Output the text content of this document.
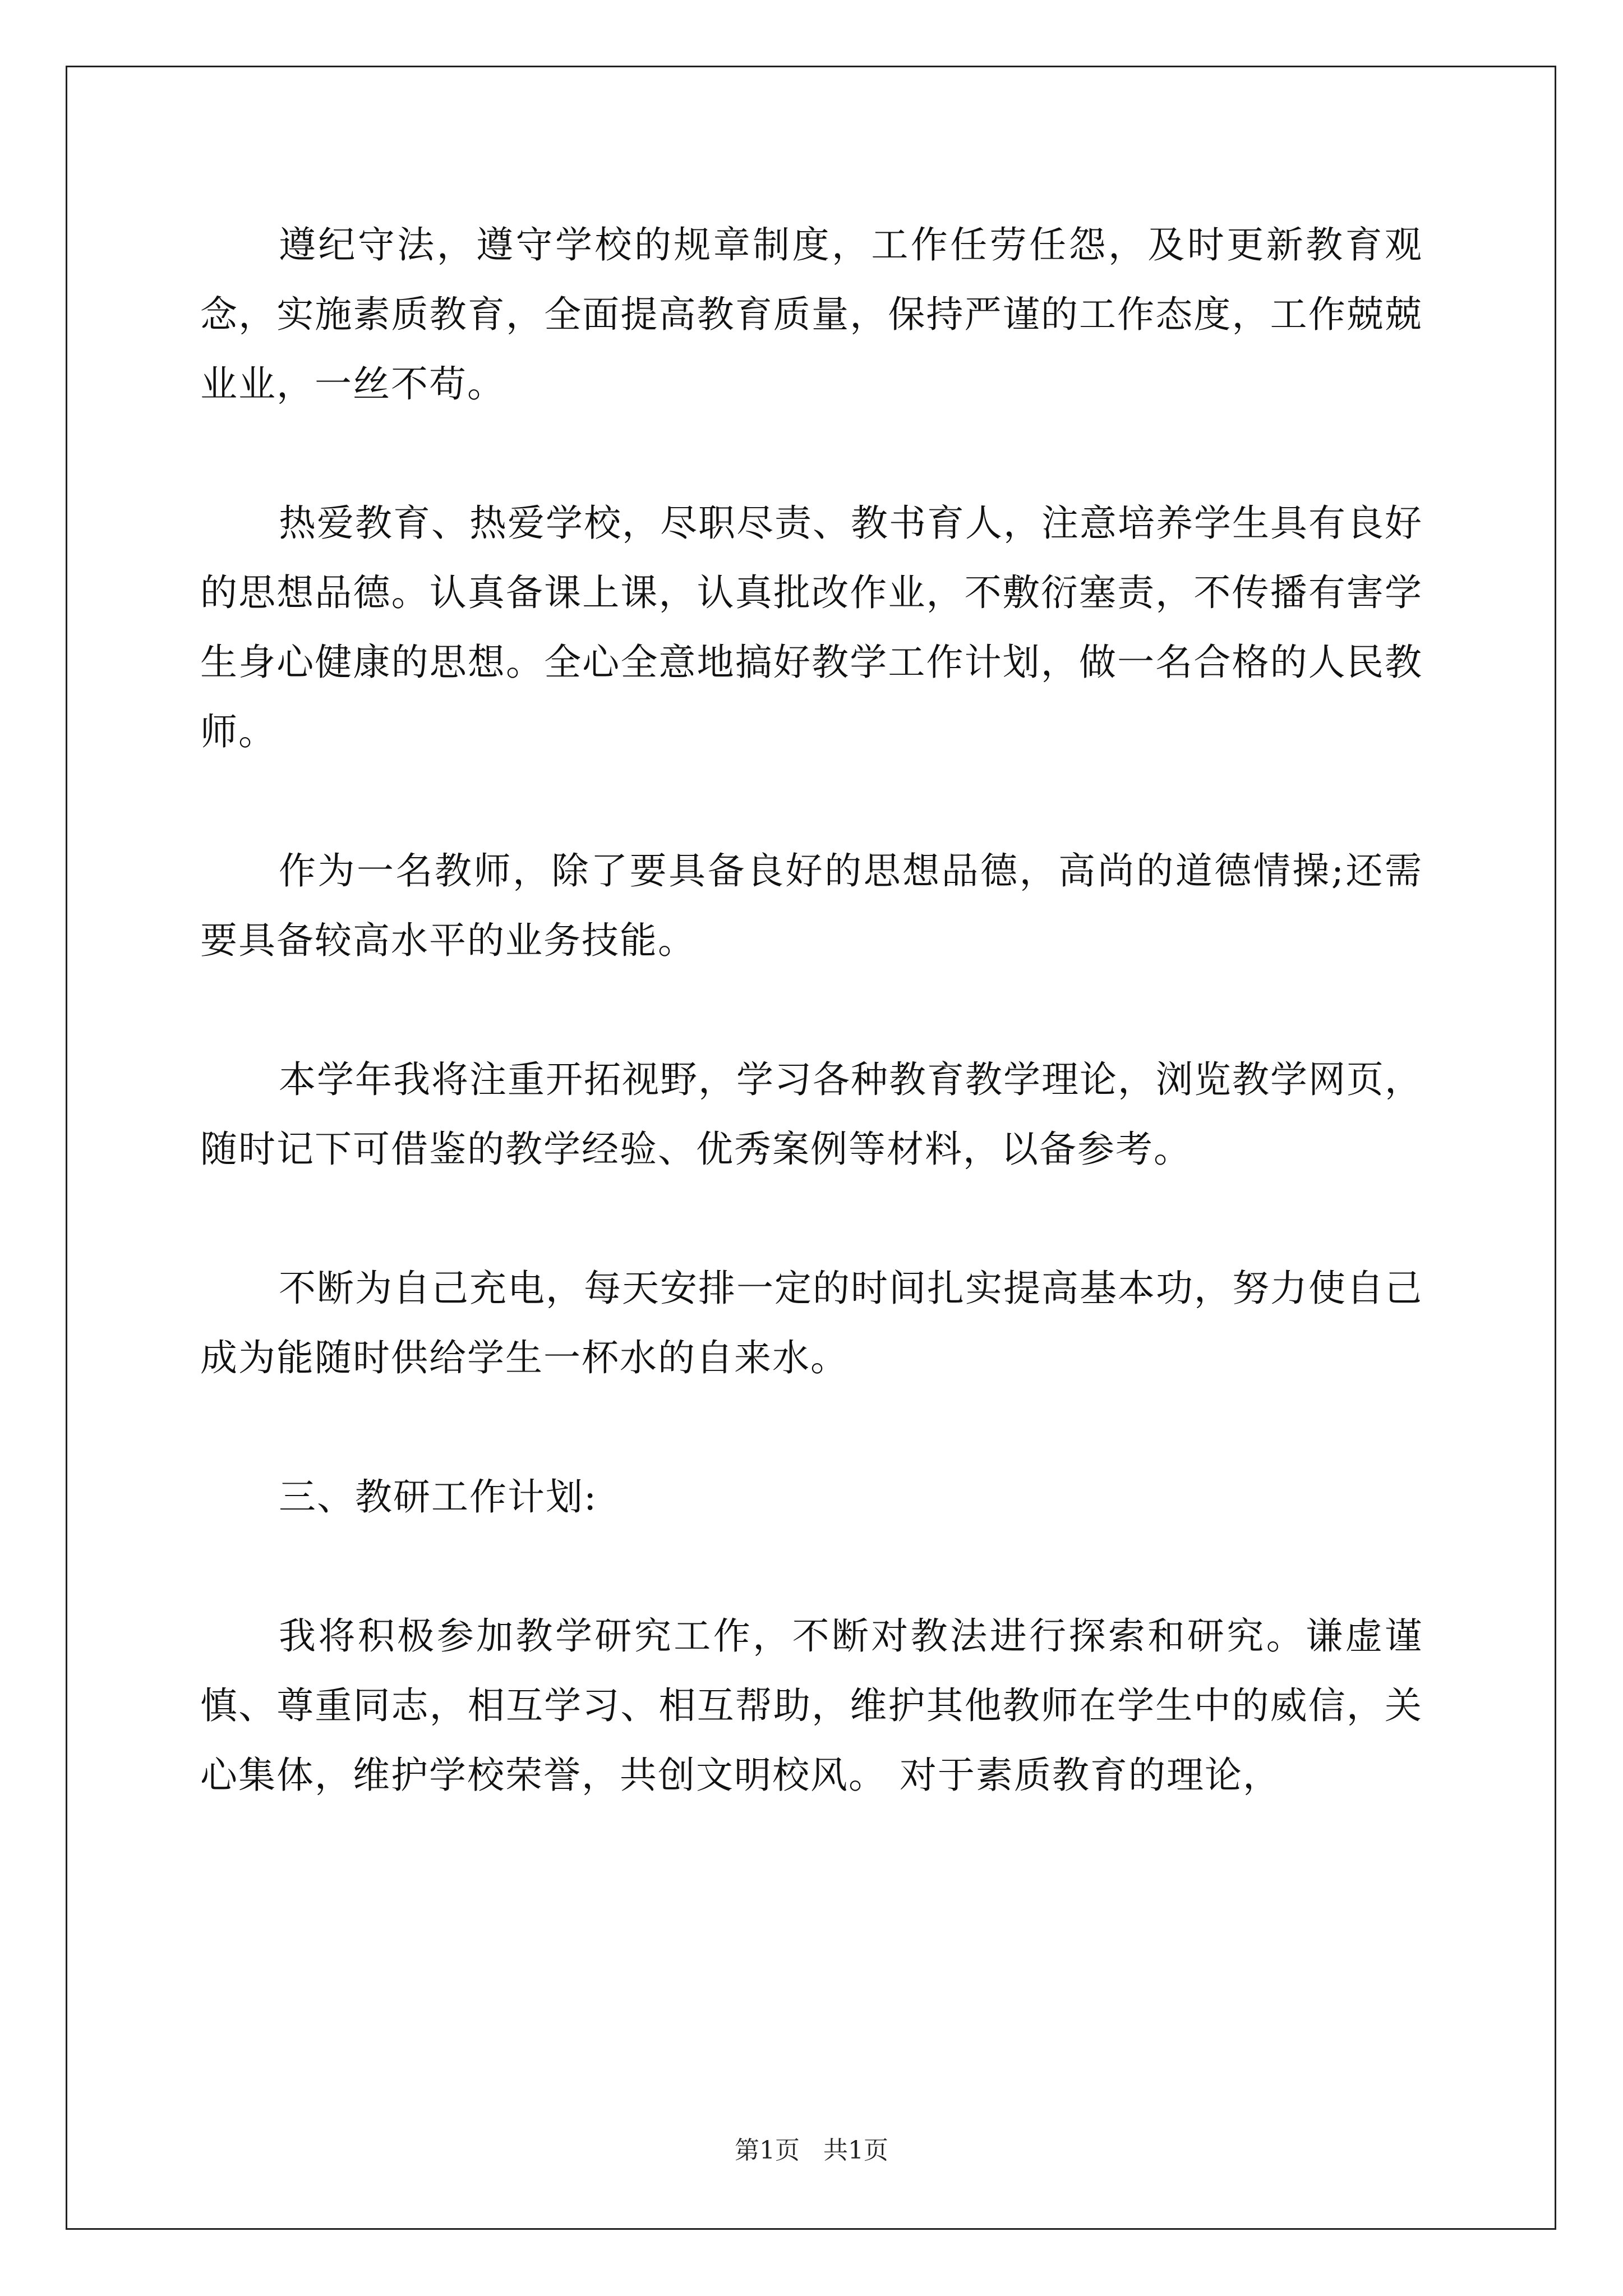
遵纪守法，遵守学校的规章制度，工作任劳任怨，及时更新教育观念，实施素质教育，全面提高教育质量，保持严谨的工作态度，工作兢兢业业，一丝不苟。

热爱教育、热爱学校，尽职尽责、教书育人，注意培养学生具有良好的思想品德。认真备课上课，认真批改作业，不敷衍塞责，不传播有害学生身心健康的思想。全心全意地搞好教学工作计划，做一名合格的人民教师。

作为一名教师，除了要具备良好的思想品德，高尚的道德情操;还需要具备较高水平的业务技能。

本学年我将注重开拓视野，学习各种教育教学理论，浏览教学网页，随时记下可借鉴的教学经验、优秀案例等材料，以备参考。

不断为自己充电，每天安排一定的时间扎实提高基本功，努力使自己成为能随时供给学生一杯水的自来水。

三、教研工作计划:

我将积极参加教学研究工作，不断对教法进行探索和研究。谦虚谨慎、尊重同志，相互学习、相互帮助，维护其他教师在学生中的威信，关心集体，维护学校荣誉，共创文明校风。 对于素质教育的理论，

第1页   共1页
